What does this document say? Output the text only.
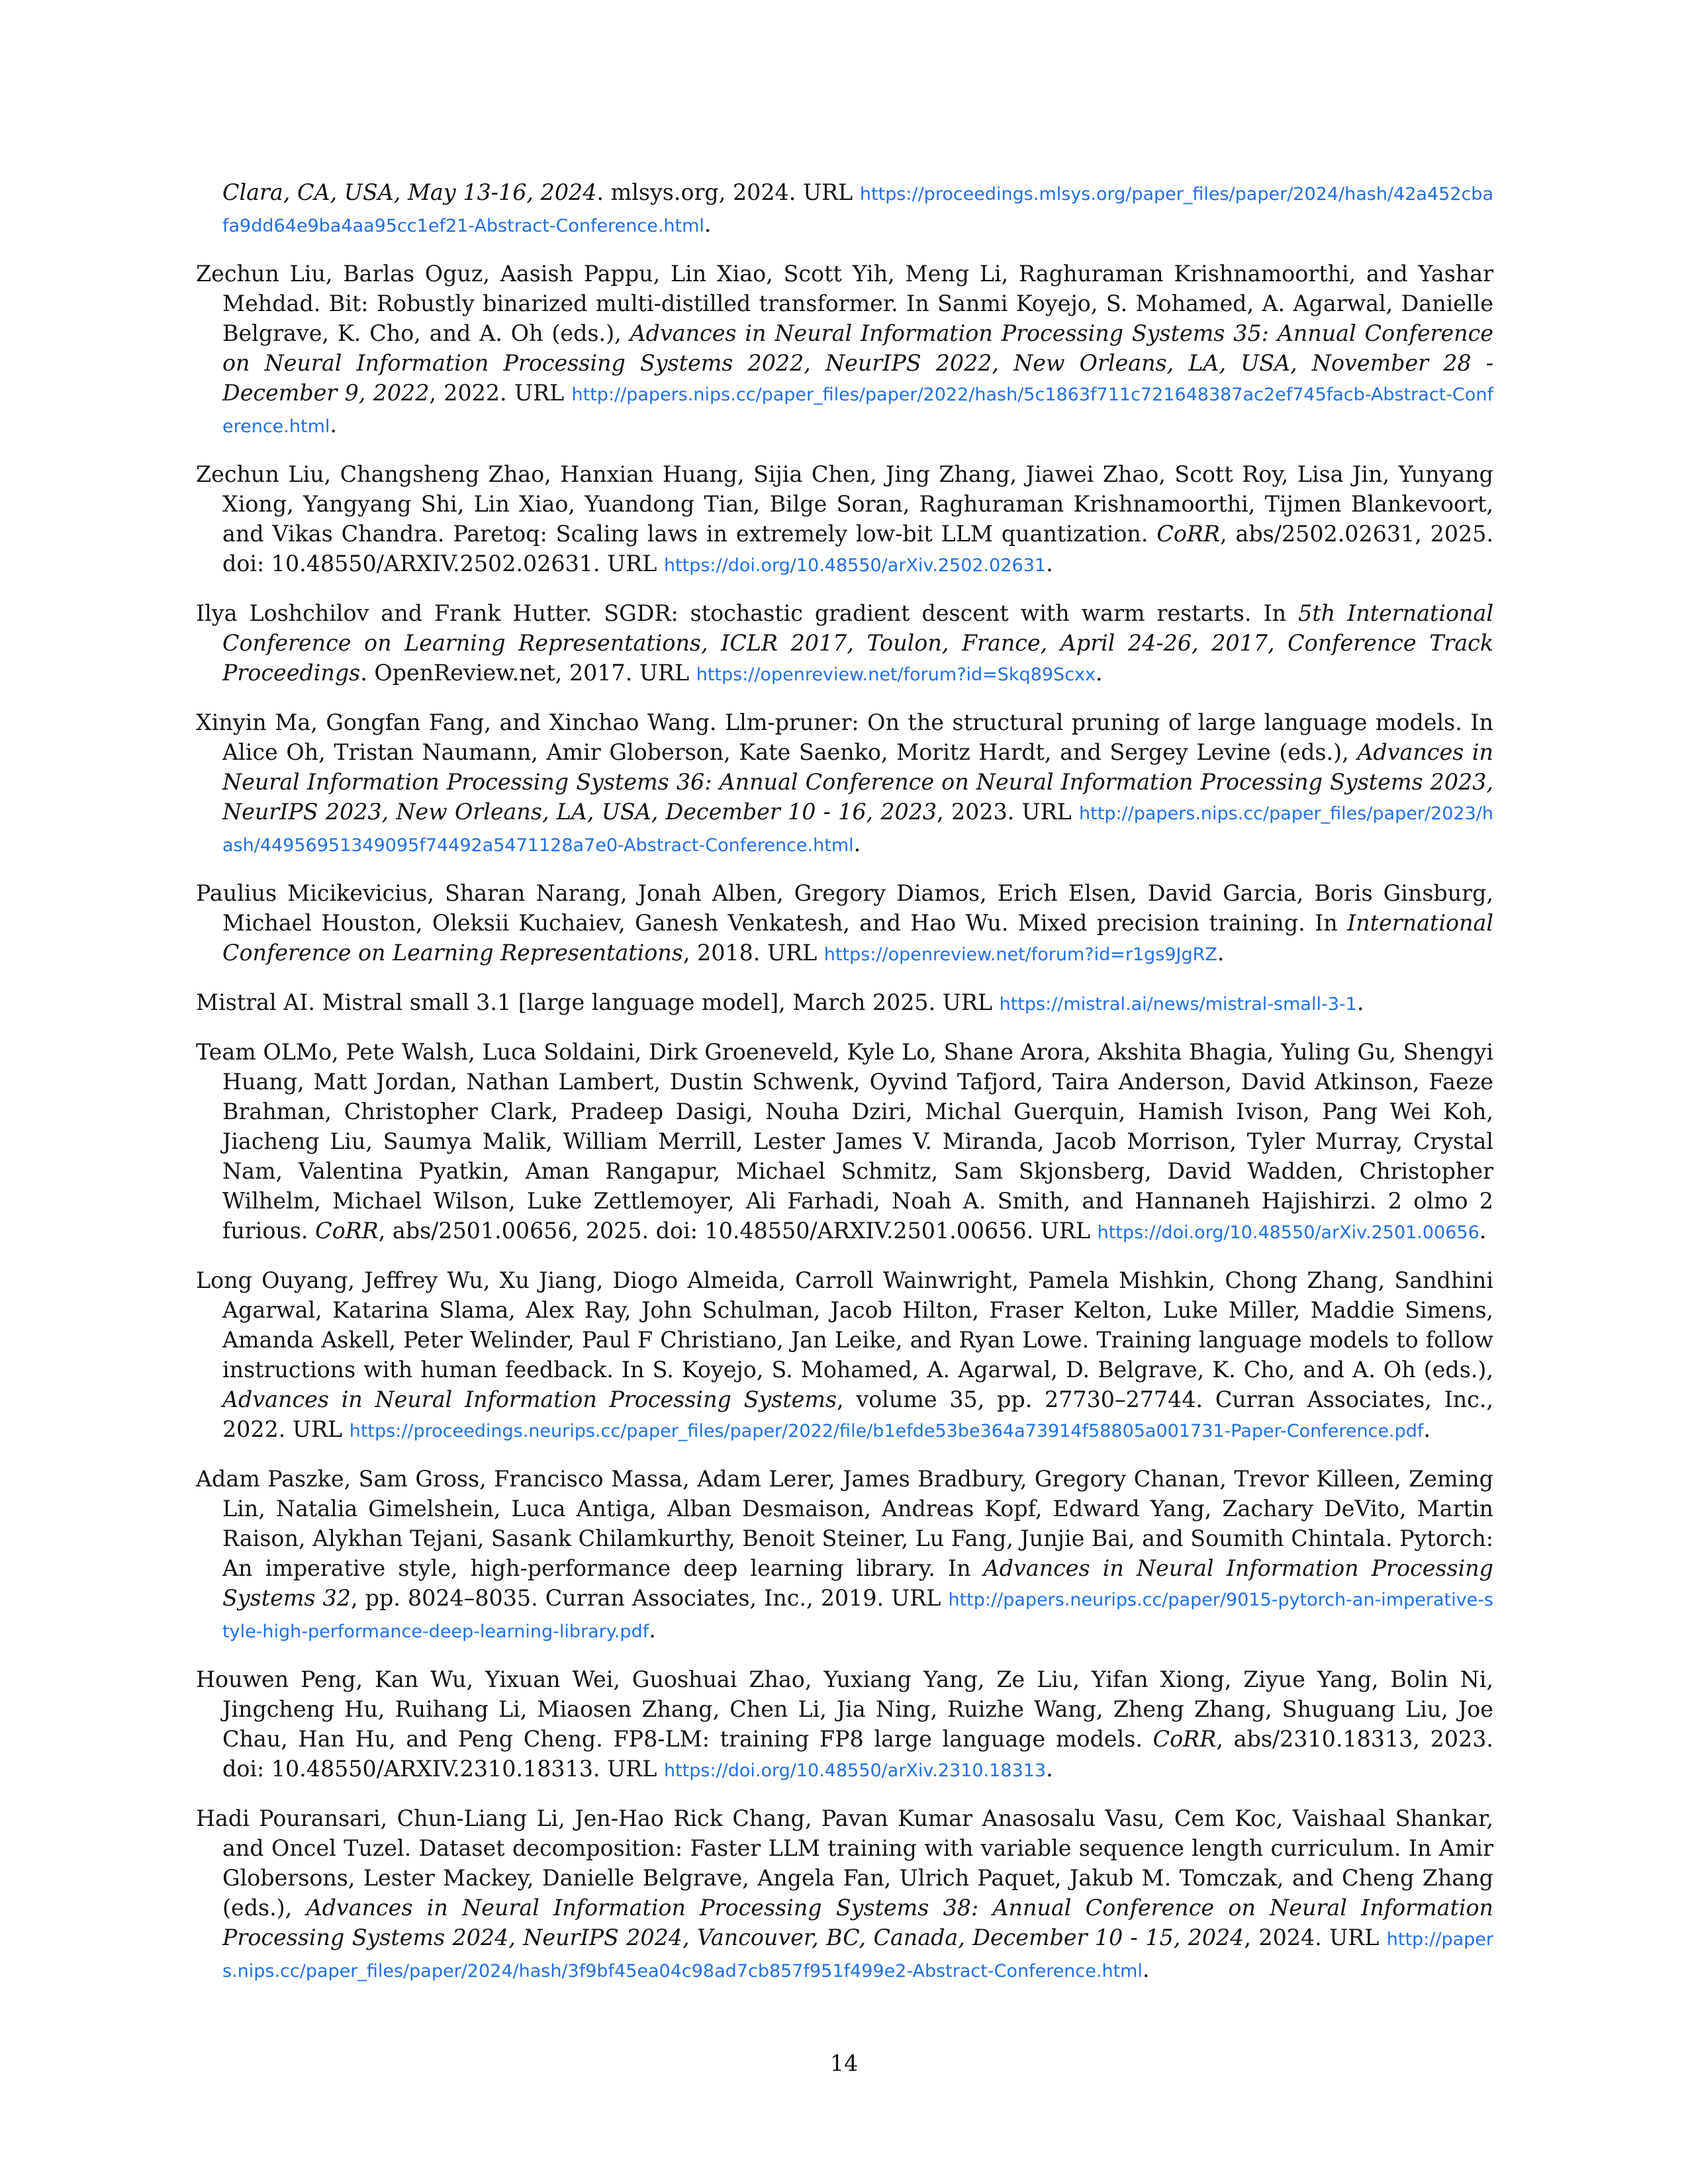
Clara, CA, USA, May 13-16, 2024. mlsys.org, 2024. URL https://proceedings.mlsys.org/paper_files/paper/2024/hash/42a452cbafa9dd64e9ba4aa95cc1ef21-Abstract-Conference.html.

Zechun Liu, Barlas Oguz, Aasish Pappu, Lin Xiao, Scott Yih, Meng Li, Raghuraman Krishnamoorthi, and Yashar Mehdad. Bit: Robustly binarized multi-distilled transformer. In Sanmi Koyejo, S. Mohamed, A. Agarwal, Danielle Belgrave, K. Cho, and A. Oh (eds.), Advances in Neural Information Processing Systems 35: Annual Conference on Neural Information Processing Systems 2022, NeurIPS 2022, New Orleans, LA, USA, November 28 - December 9, 2022, 2022. URL http://papers.nips.cc/paper_files/paper/2022/hash/5c1863f711c721648387ac2ef745facb-Abstract-Conference.html.

Zechun Liu, Changsheng Zhao, Hanxian Huang, Sijia Chen, Jing Zhang, Jiawei Zhao, Scott Roy, Lisa Jin, Yunyang Xiong, Yangyang Shi, Lin Xiao, Yuandong Tian, Bilge Soran, Raghuraman Krishnamoorthi, Tijmen Blankevoort, and Vikas Chandra. Paretoq: Scaling laws in extremely low-bit LLM quantization. CoRR, abs/2502.02631, 2025. doi: 10.48550/ARXIV.2502.02631. URL https://doi.org/10.48550/arXiv.2502.02631.

Ilya Loshchilov and Frank Hutter. SGDR: stochastic gradient descent with warm restarts. In 5th International Conference on Learning Representations, ICLR 2017, Toulon, France, April 24-26, 2017, Conference Track Proceedings. OpenReview.net, 2017. URL https://openreview.net/forum?id=Skq89Scxx.

Xinyin Ma, Gongfan Fang, and Xinchao Wang. Llm-pruner: On the structural pruning of large language models. In Alice Oh, Tristan Naumann, Amir Globerson, Kate Saenko, Moritz Hardt, and Sergey Levine (eds.), Advances in Neural Information Processing Systems 36: Annual Conference on Neural Information Processing Systems 2023, NeurIPS 2023, New Orleans, LA, USA, December 10 - 16, 2023, 2023. URL http://papers.nips.cc/paper_files/paper/2023/hash/44956951349095f74492a5471128a7e0-Abstract-Conference.html.

Paulius Micikevicius, Sharan Narang, Jonah Alben, Gregory Diamos, Erich Elsen, David Garcia, Boris Ginsburg, Michael Houston, Oleksii Kuchaiev, Ganesh Venkatesh, and Hao Wu. Mixed precision training. In International Conference on Learning Representations, 2018. URL https://openreview.net/forum?id=r1gs9JgRZ.

Mistral AI. Mistral small 3.1 [large language model], March 2025. URL https://mistral.ai/news/mistral-small-3-1.

Team OLMo, Pete Walsh, Luca Soldaini, Dirk Groeneveld, Kyle Lo, Shane Arora, Akshita Bhagia, Yuling Gu, Shengyi Huang, Matt Jordan, Nathan Lambert, Dustin Schwenk, Oyvind Tafjord, Taira Anderson, David Atkinson, Faeze Brahman, Christopher Clark, Pradeep Dasigi, Nouha Dziri, Michal Guerquin, Hamish Ivison, Pang Wei Koh, Jiacheng Liu, Saumya Malik, William Merrill, Lester James V. Miranda, Jacob Morrison, Tyler Murray, Crystal Nam, Valentina Pyatkin, Aman Rangapur, Michael Schmitz, Sam Skjonsberg, David Wadden, Christopher Wilhelm, Michael Wilson, Luke Zettlemoyer, Ali Farhadi, Noah A. Smith, and Hannaneh Hajishirzi. 2 olmo 2 furious. CoRR, abs/2501.00656, 2025. doi: 10.48550/ARXIV.2501.00656. URL https://doi.org/10.48550/arXiv.2501.00656.

Long Ouyang, Jeffrey Wu, Xu Jiang, Diogo Almeida, Carroll Wainwright, Pamela Mishkin, Chong Zhang, Sandhini Agarwal, Katarina Slama, Alex Ray, John Schulman, Jacob Hilton, Fraser Kelton, Luke Miller, Maddie Simens, Amanda Askell, Peter Welinder, Paul F Christiano, Jan Leike, and Ryan Lowe. Training language models to follow instructions with human feedback. In S. Koyejo, S. Mohamed, A. Agarwal, D. Belgrave, K. Cho, and A. Oh (eds.), Advances in Neural Information Processing Systems, volume 35, pp. 27730–27744. Curran Associates, Inc., 2022. URL https://proceedings.neurips.cc/paper_files/paper/2022/file/b1efde53be364a73914f58805a001731-Paper-Conference.pdf.

Adam Paszke, Sam Gross, Francisco Massa, Adam Lerer, James Bradbury, Gregory Chanan, Trevor Killeen, Zeming Lin, Natalia Gimelshein, Luca Antiga, Alban Desmaison, Andreas Kopf, Edward Yang, Zachary DeVito, Martin Raison, Alykhan Tejani, Sasank Chilamkurthy, Benoit Steiner, Lu Fang, Junjie Bai, and Soumith Chintala. Pytorch: An imperative style, high-performance deep learning library. In Advances in Neural Information Processing Systems 32, pp. 8024–8035. Curran Associates, Inc., 2019. URL http://papers.neurips.cc/paper/9015-pytorch-an-imperative-style-high-performance-deep-learning-library.pdf.

Houwen Peng, Kan Wu, Yixuan Wei, Guoshuai Zhao, Yuxiang Yang, Ze Liu, Yifan Xiong, Ziyue Yang, Bolin Ni, Jingcheng Hu, Ruihang Li, Miaosen Zhang, Chen Li, Jia Ning, Ruizhe Wang, Zheng Zhang, Shuguang Liu, Joe Chau, Han Hu, and Peng Cheng. FP8-LM: training FP8 large language models. CoRR, abs/2310.18313, 2023. doi: 10.48550/ARXIV.2310.18313. URL https://doi.org/10.48550/arXiv.2310.18313.

Hadi Pouransari, Chun-Liang Li, Jen-Hao Rick Chang, Pavan Kumar Anasosalu Vasu, Cem Koc, Vaishaal Shankar, and Oncel Tuzel. Dataset decomposition: Faster LLM training with variable sequence length curriculum. In Amir Globersons, Lester Mackey, Danielle Belgrave, Angela Fan, Ulrich Paquet, Jakub M. Tomczak, and Cheng Zhang (eds.), Advances in Neural Information Processing Systems 38: Annual Conference on Neural Information Processing Systems 2024, NeurIPS 2024, Vancouver, BC, Canada, December 10 - 15, 2024, 2024. URL http://papers.nips.cc/paper_files/paper/2024/hash/3f9bf45ea04c98ad7cb857f951f499e2-Abstract-Conference.html.

14
